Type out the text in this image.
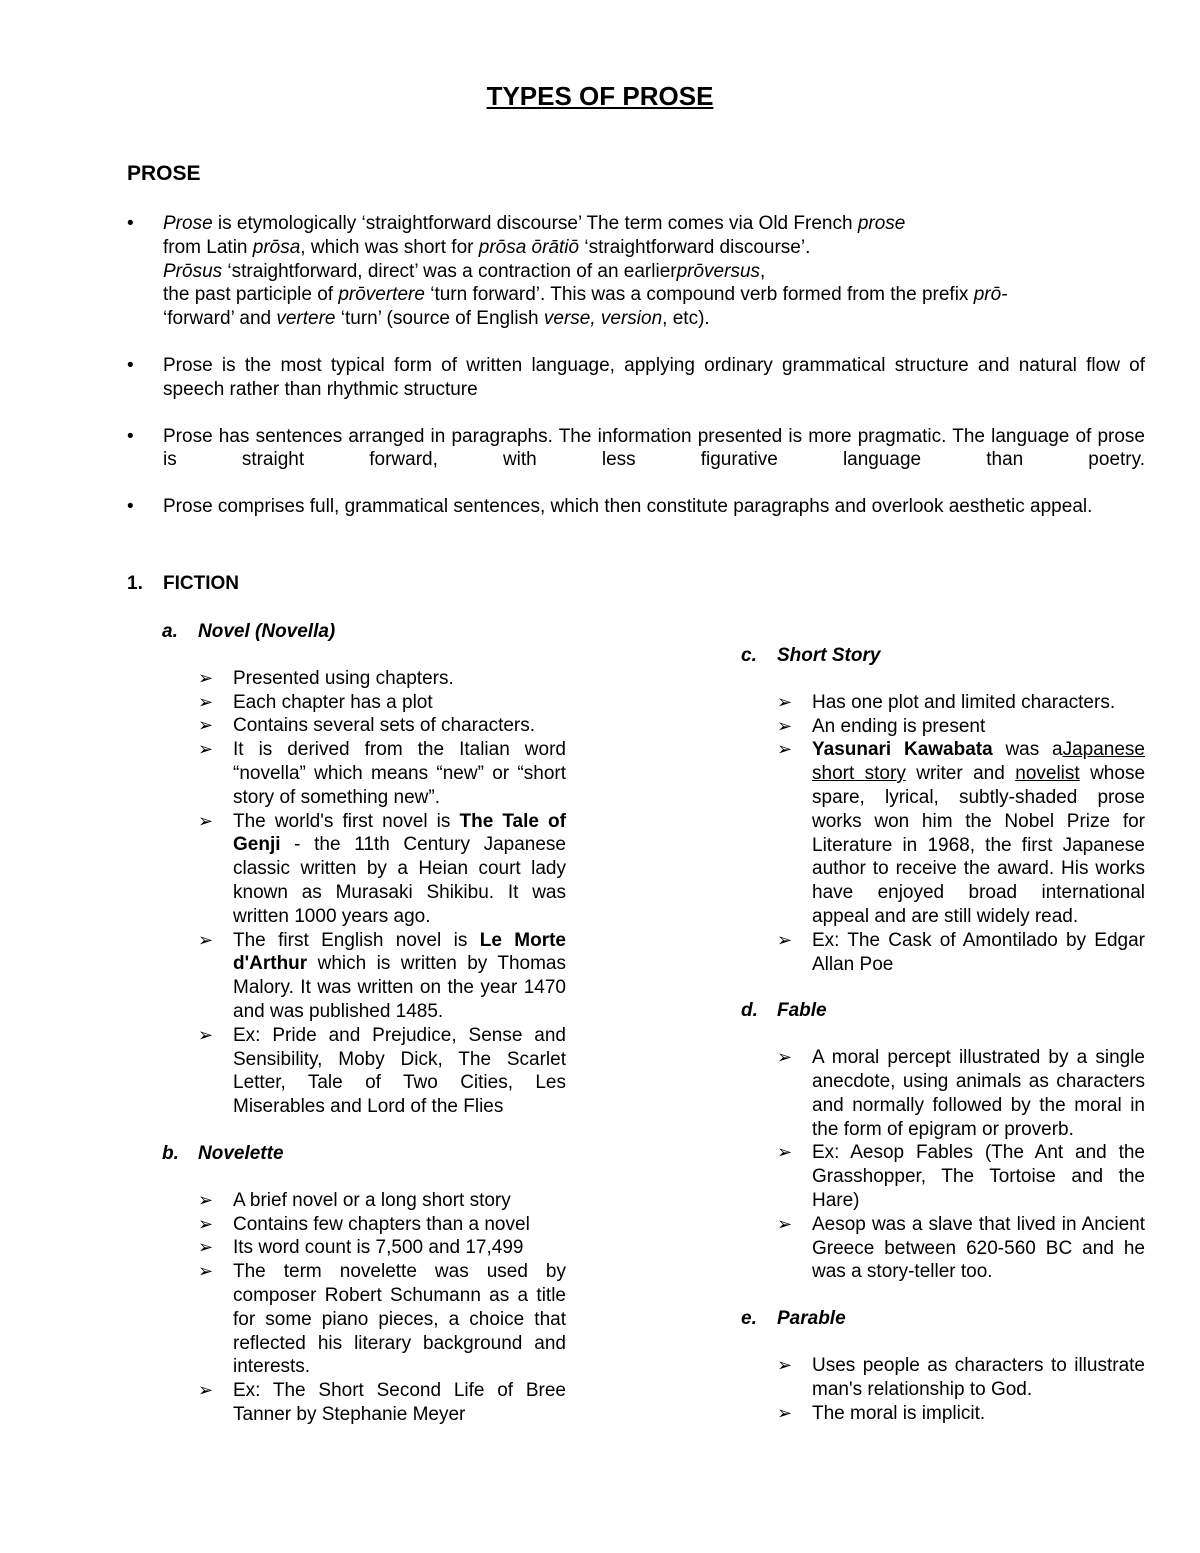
TYPES OF PROSE
PROSE
• Prose is etymologically ‘straightforward discourse’ The term comes via Old French prose
from Latin prōsa, which was short for prōsa ōrātiō ‘straightforward discourse’.
Prōsus ‘straightforward, direct’ was a contraction of an earlierprōversus,
the past participle of prōvertere ‘turn forward’. This was a compound verb formed from the prefix prō-
‘forward’ and vertere ‘turn’ (source of English verse, version, etc).
• Prose is the most typical form of written language, applying ordinary grammatical structure and natural flow of speech rather than rhythmic structure
• Prose has sentences arranged in paragraphs. The information presented is more pragmatic. The language of prose is straight forward, with less figurative language than poetry.
• Prose comprises full, grammatical sentences, which then constitute paragraphs and overlook aesthetic appeal.
1. FICTION
a. Novel (Novella)
➢ Presented using chapters.
➢ Each chapter has a plot
➢ Contains several sets of characters.
➢ It is derived from the Italian word “novella” which means “new” or “short story of something new”.
➢ The world's first novel is The Tale of Genji - the 11th Century Japanese classic written by a Heian court lady known as Murasaki Shikibu. It was written 1000 years ago.
➢ The first English novel is Le Morte d'Arthur which is written by Thomas Malory. It was written on the year 1470 and was published 1485.
➢ Ex: Pride and Prejudice, Sense and Sensibility, Moby Dick, The Scarlet Letter, Tale of Two Cities, Les Miserables and Lord of the Flies
b. Novelette
➢ A brief novel or a long short story
➢ Contains few chapters than a novel
➢ Its word count is 7,500 and 17,499
➢ The term novelette was used by composer Robert Schumann as a title for some piano pieces, a choice that reflected his literary background and interests.
➢ Ex: The Short Second Life of Bree Tanner by Stephanie Meyer
c. Short Story
➢ Has one plot and limited characters.
➢ An ending is present
➢ Yasunari Kawabata was aJapanese short story writer and novelist whose spare, lyrical, subtly-shaded prose works won him the Nobel Prize for Literature in 1968, the first Japanese author to receive the award. His works have enjoyed broad international appeal and are still widely read.
➢ Ex: The Cask of Amontilado by Edgar Allan Poe
d. Fable
➢ A moral percept illustrated by a single anecdote, using animals as characters and normally followed by the moral in the form of epigram or proverb.
➢ Ex: Aesop Fables (The Ant and the Grasshopper, The Tortoise and the Hare)
➢ Aesop was a slave that lived in Ancient Greece between 620-560 BC and he was a story-teller too.
e. Parable
➢ Uses people as characters to illustrate man's relationship to God.
➢ The moral is implicit.
